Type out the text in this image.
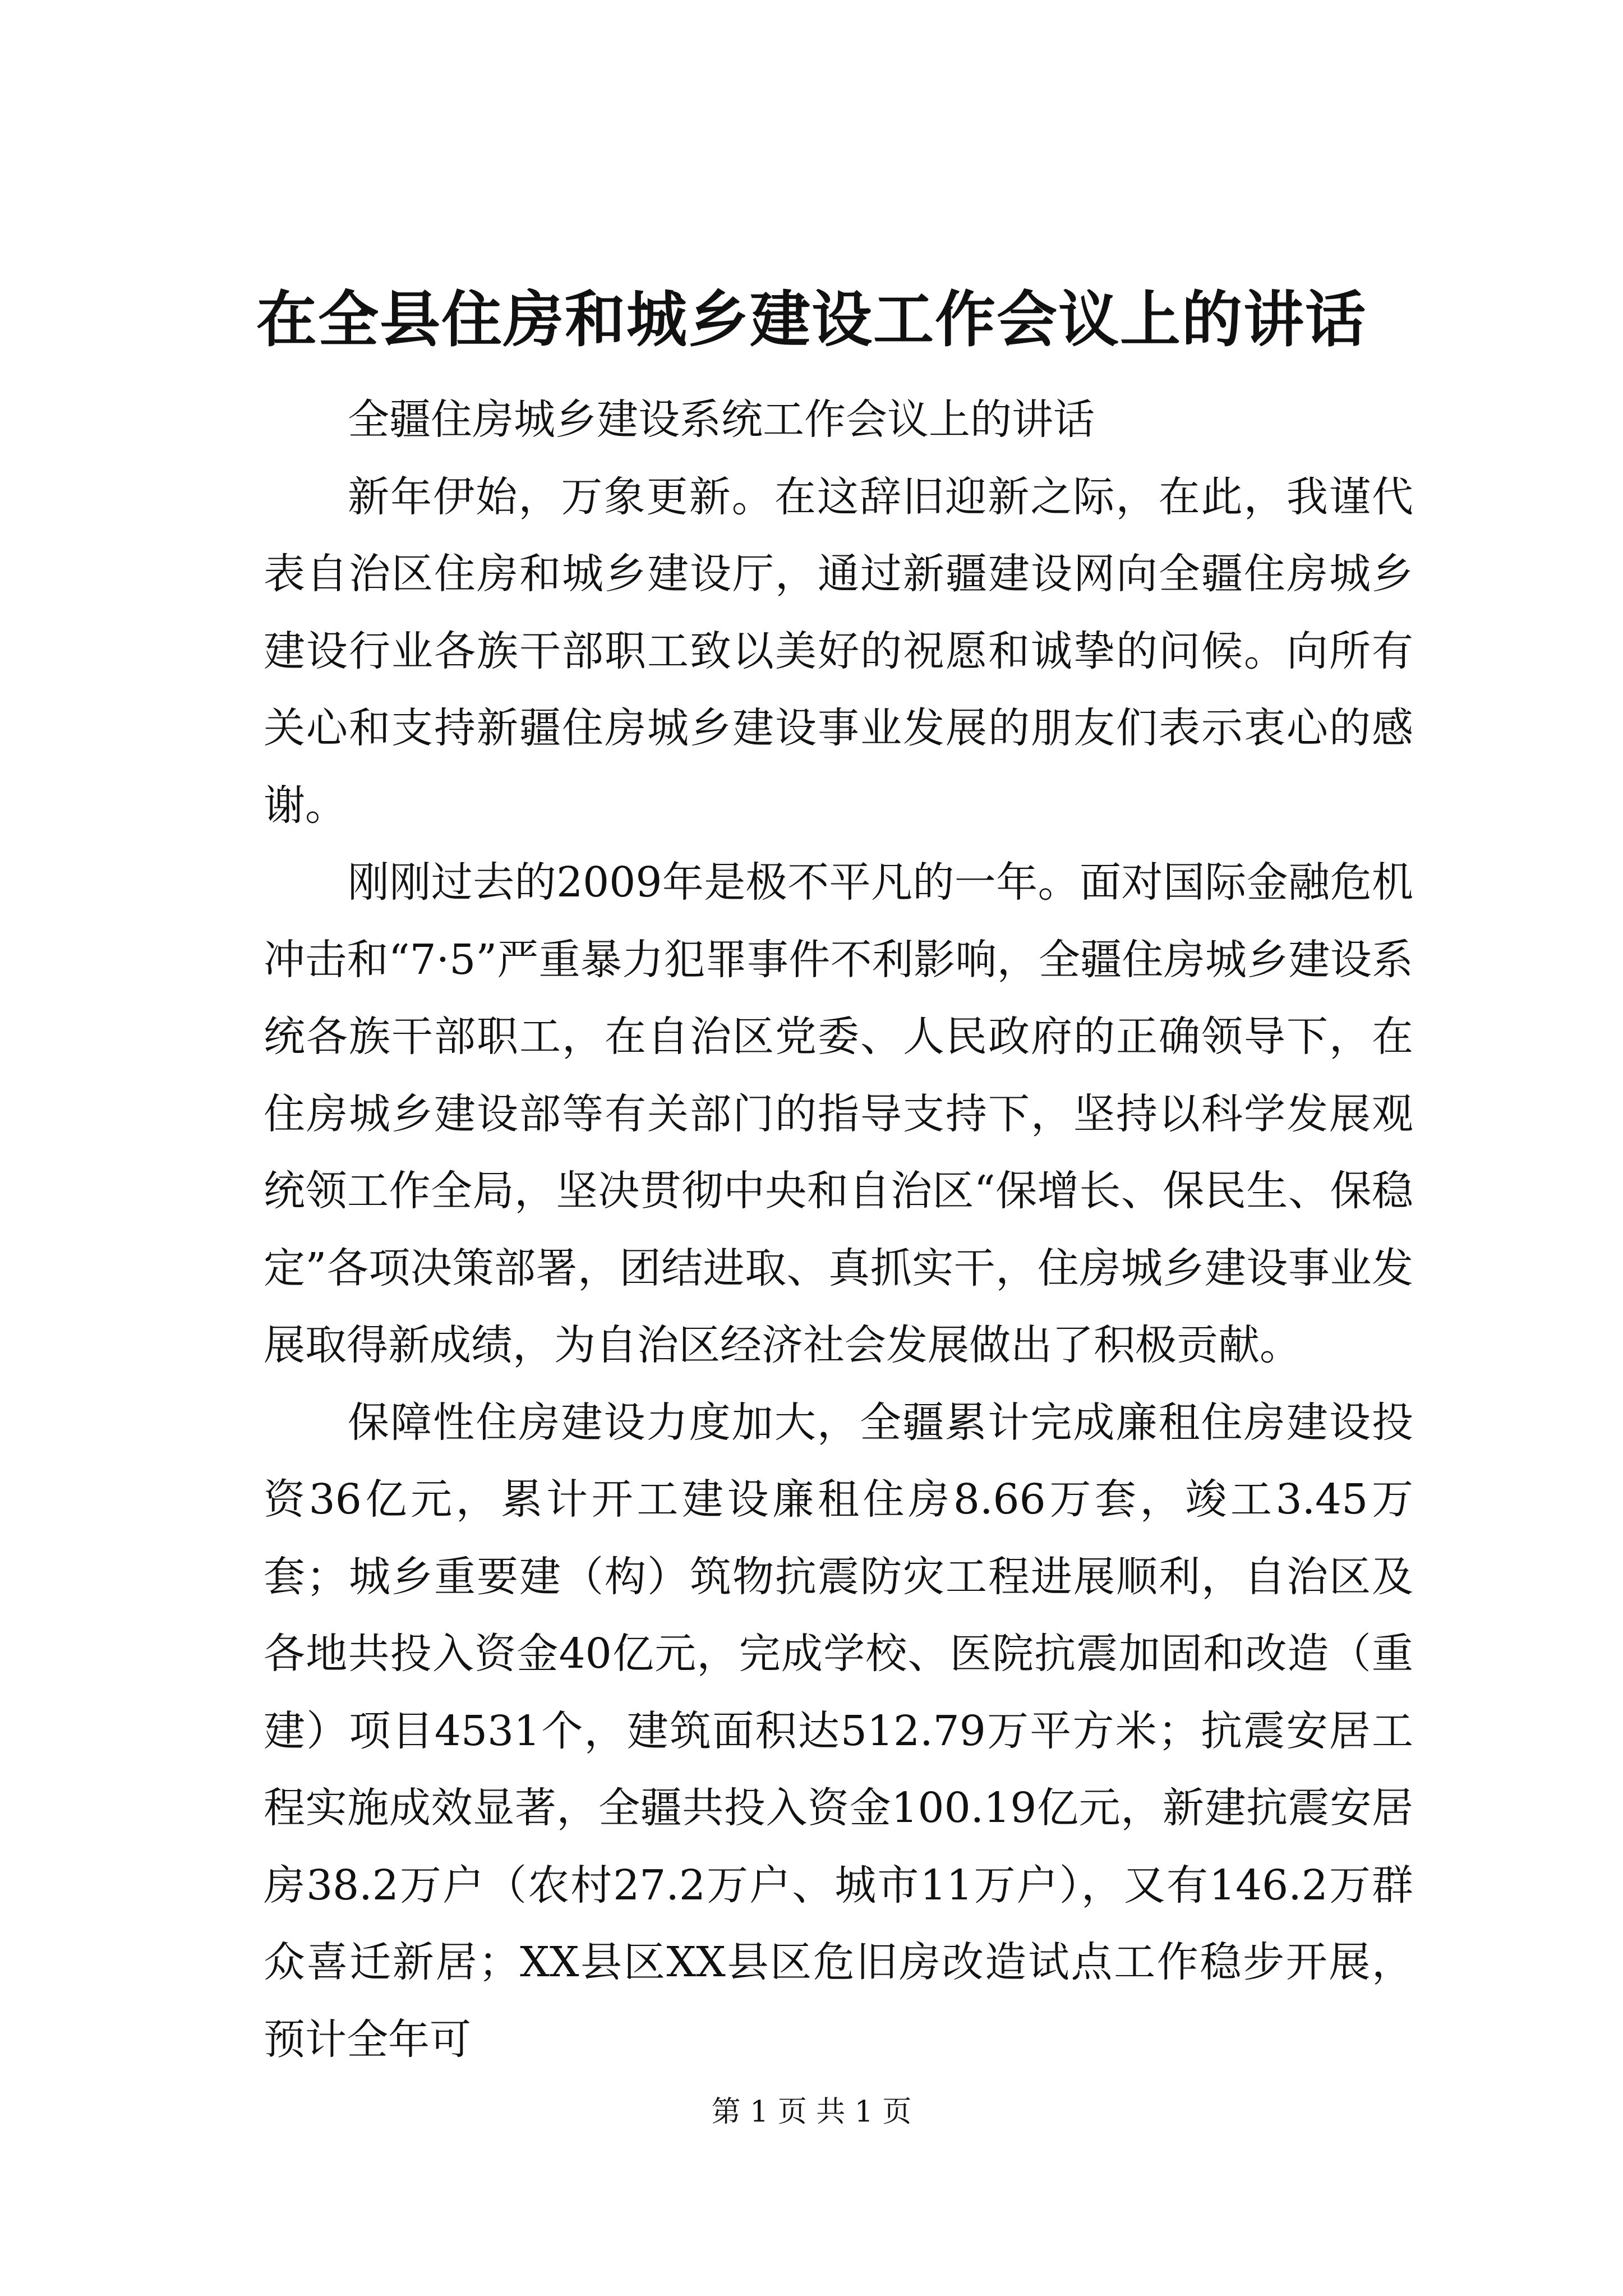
在全县住房和城乡建设工作会议上的讲话

全疆住房城乡建设系统工作会议上的讲话

新年伊始，万象更新。在这辞旧迎新之际，在此，我谨代表自治区住房和城乡建设厅，通过新疆建设网向全疆住房城乡建设行业各族干部职工致以美好的祝愿和诚挚的问候。向所有关心和支持新疆住房城乡建设事业发展的朋友们表示衷心的感谢。

刚刚过去的2009年是极不平凡的一年。面对国际金融危机冲击和“7·5”严重暴力犯罪事件不利影响，全疆住房城乡建设系统各族干部职工，在自治区党委、人民政府的正确领导下，在住房城乡建设部等有关部门的指导支持下，坚持以科学发展观统领工作全局，坚决贯彻中央和自治区“保增长、保民生、保稳定”各项决策部署，团结进取、真抓实干，住房城乡建设事业发展取得新成绩，为自治区经济社会发展做出了积极贡献。

保障性住房建设力度加大，全疆累计完成廉租住房建设投资36亿元，累计开工建设廉租住房8.66万套，竣工3.45万套；城乡重要建（构）筑物抗震防灾工程进展顺利，自治区及各地共投入资金40亿元，完成学校、医院抗震加固和改造（重建）项目4531个，建筑面积达512.79万平方米；抗震安居工程实施成效显著，全疆共投入资金100.19亿元，新建抗震安居房38.2万户（农村27.2万户、城市11万户），又有146.2万群众喜迁新居；XX县区XX县区危旧房改造试点工作稳步开展，预计全年可

第 1 页 共 1 页
